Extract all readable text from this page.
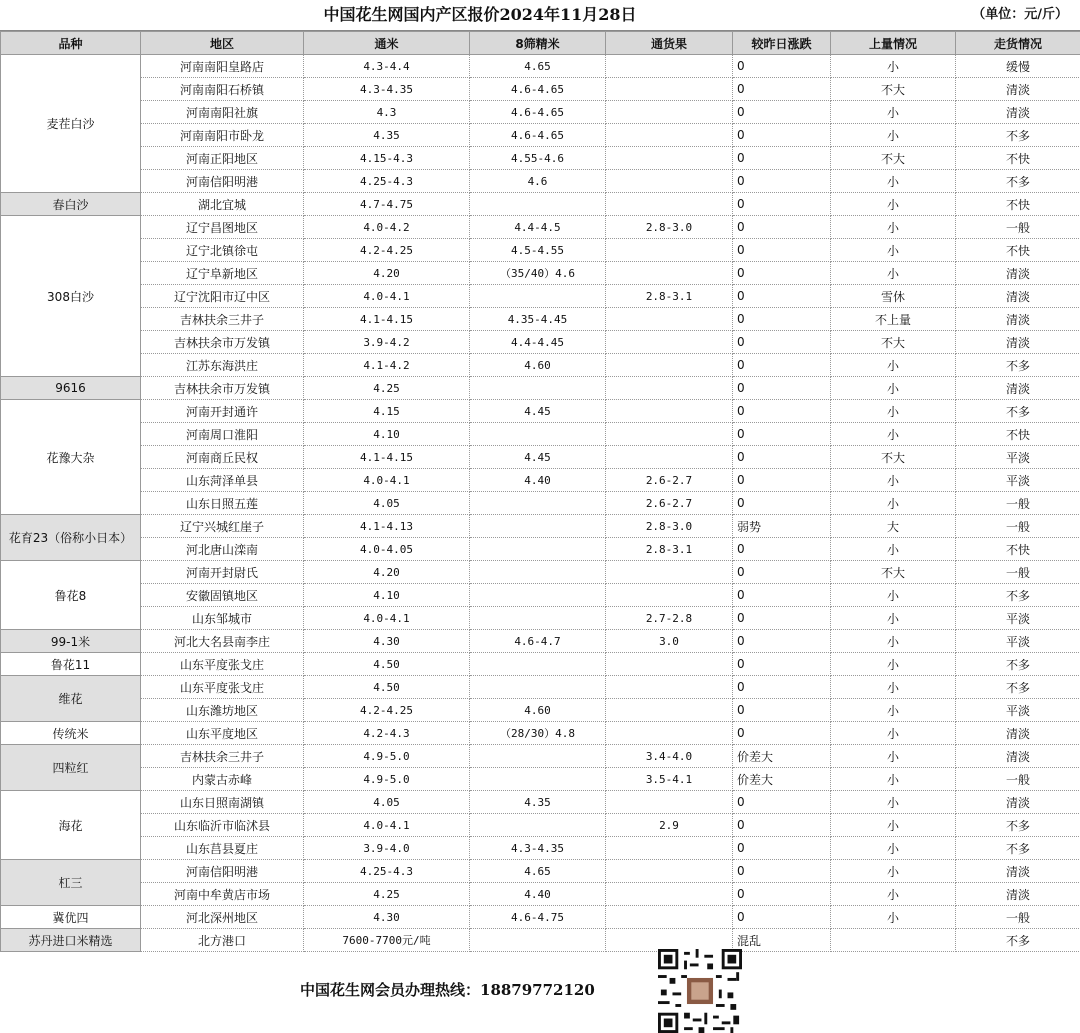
中国花生网国内产区报价2024年11月28日	（单位：元/斤）
品种	地区	通米	8筛精米	通货果	较昨日涨跌	上量情况	走货情况
麦茬白沙	河南南阳皇路店	4.3-4.4	4.65		0	小	缓慢
	河南南阳石桥镇	4.3-4.35	4.6-4.65		0	不大	清淡
	河南南阳社旗	4.3	4.6-4.65		0	小	清淡
	河南南阳市卧龙	4.35	4.6-4.65		0	小	不多
	河南正阳地区	4.15-4.3	4.55-4.6		0	不大	不快
	河南信阳明港	4.25-4.3	4.6		0	小	不多
春白沙	湖北宜城	4.7-4.75			0	小	不快
308白沙	辽宁昌图地区	4.0-4.2	4.4-4.5	2.8-3.0	0	小	一般
	辽宁北镇徐屯	4.2-4.25	4.5-4.55		0	小	不快
	辽宁阜新地区	4.20	（35/40）4.6		0	小	清淡
	辽宁沈阳市辽中区	4.0-4.1		2.8-3.1	0	雪休	清淡
	吉林扶余三井子	4.1-4.15	4.35-4.45		0	不上量	清淡
	吉林扶余市万发镇	3.9-4.2	4.4-4.45		0	不大	清淡
	江苏东海洪庄	4.1-4.2	4.60		0	小	不多
9616	吉林扶余市万发镇	4.25			0	小	清淡
花豫大杂	河南开封通许	4.15	4.45		0	小	不多
	河南周口淮阳	4.10			0	小	不快
	河南商丘民权	4.1-4.15	4.45		0	不大	平淡
	山东菏泽单县	4.0-4.1	4.40	2.6-2.7	0	小	平淡
	山东日照五莲	4.05		2.6-2.7	0	小	一般
花育23（俗称小日本）	辽宁兴城红崖子	4.1-4.13		2.8-3.0	弱势	大	一般
	河北唐山滦南	4.0-4.05		2.8-3.1	0	小	不快
鲁花8	河南开封尉氏	4.20			0	不大	一般
	安徽固镇地区	4.10			0	小	不多
	山东邹城市	4.0-4.1		2.7-2.8	0	小	平淡
99-1米	河北大名县南李庄	4.30	4.6-4.7	3.0	0	小	平淡
鲁花11	山东平度张戈庄	4.50			0	小	不多
维花	山东平度张戈庄	4.50			0	小	不多
	山东潍坊地区	4.2-4.25	4.60		0	小	平淡
传统米	山东平度地区	4.2-4.3	（28/30）4.8		0	小	清淡
四粒红	吉林扶余三井子	4.9-5.0		3.4-4.0	价差大	小	清淡
	内蒙古赤峰	4.9-5.0		3.5-4.1	价差大	小	一般
海花	山东日照南湖镇	4.05	4.35		0	小	清淡
	山东临沂市临沭县	4.0-4.1		2.9	0	小	不多
	山东莒县夏庄	3.9-4.0	4.3-4.35		0	小	不多
杠三	河南信阳明港	4.25-4.3	4.65		0	小	清淡
	河南中牟黄店市场	4.25	4.40		0	小	清淡
冀优四	河北深州地区	4.30	4.6-4.75		0	小	一般
苏丹进口米精选	北方港口	7600-7700元/吨			混乱		不多
中国花生网会员办理热线：18879772120
